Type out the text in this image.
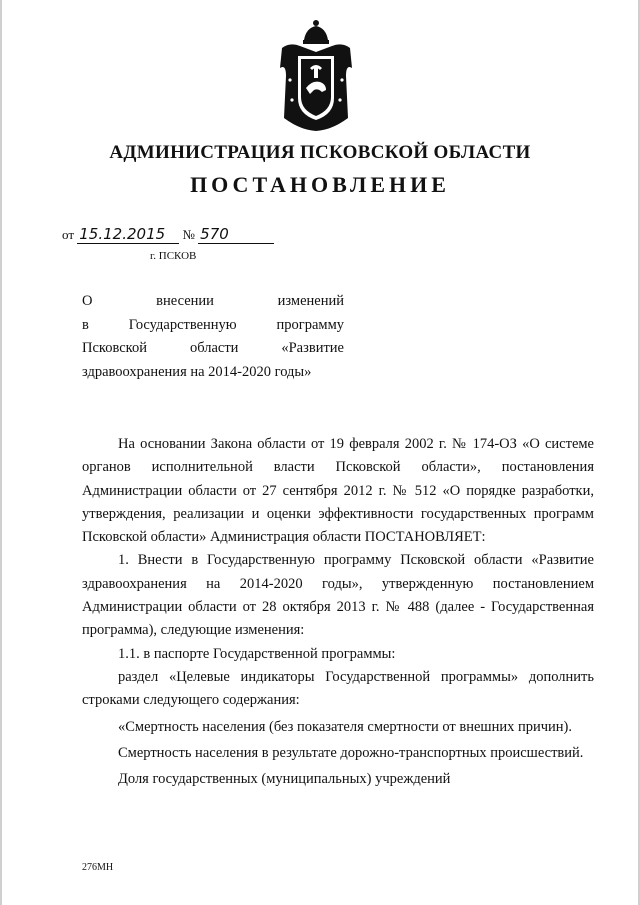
АДМИНИСТРАЦИЯ ПСКОВСКОЙ ОБЛАСТИ
ПОСТАНОВЛЕНИЕ
от 15.12.2015 № 570
г. ПСКОВ
О внесении изменений
в Государственную программу
Псковской области «Развитие
здравоохранения на 2014-2020 годы»

На основании Закона области от 19 февраля 2002 г. № 174-ОЗ «О системе органов исполнительной власти Псковской области», постановления Администрации области от 27 сентября 2012 г. № 512 «О порядке разработки, утверждения, реализации и оценки эффективности государственных программ Псковской области» Администрация области ПОСТАНОВЛЯЕТ:

1. Внести в Государственную программу Псковской области «Развитие здравоохранения на 2014-2020 годы», утвержденную постановлением Администрации области от 28 октября 2013 г. № 488 (далее - Государственная программа), следующие изменения:

1.1. в паспорте Государственной программы:

раздел «Целевые индикаторы Государственной программы» дополнить строками следующего содержания:

«Смертность населения (без показателя смертности от внешних причин).

Смертность населения в результате дорожно-транспортных происшествий.

Доля государственных (муниципальных) учреждений

276МН
